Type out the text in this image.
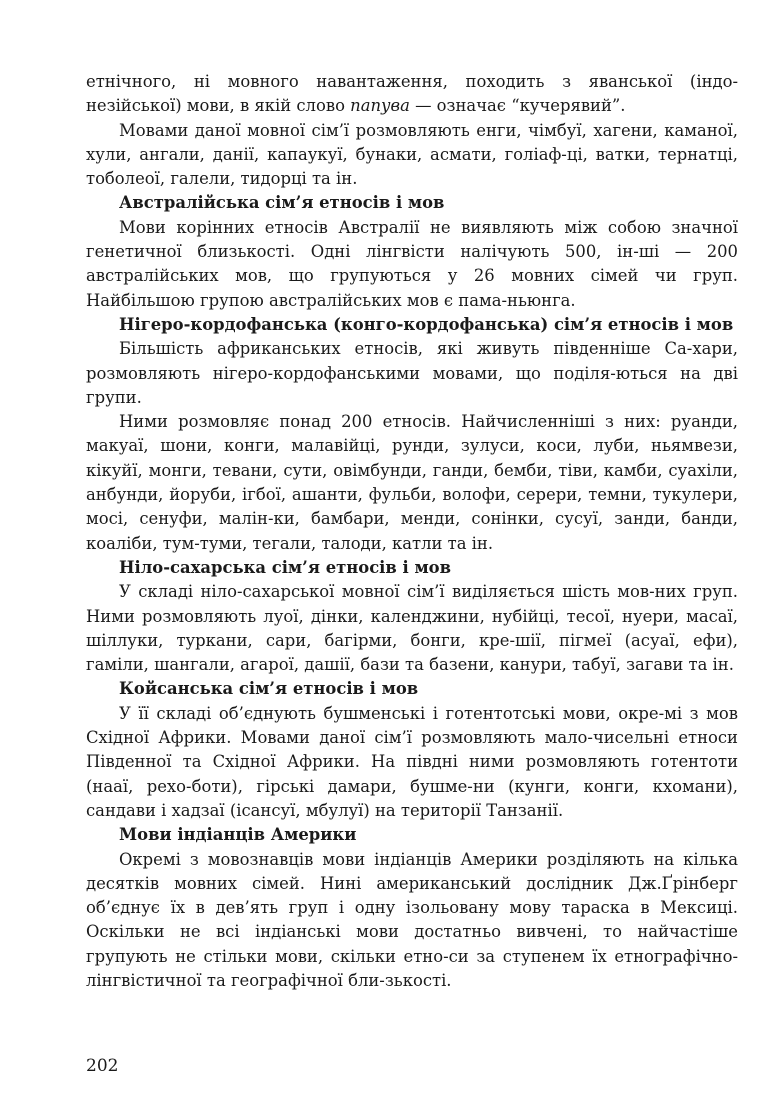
етнічного, ні мовного навантаження, походить з яванської (індо-незійської) мови, в якій слово папува — означає “кучерявий”.

Мовами даної мовної сім’ї розмовляють енги, чімбуї, хагени, каманої, хули, ангали, данії, капаукуї, бунаки, асмати, голіаф-ці, ватки, тернатці, тоболеої, галели, тидорці та ін.

Австралійська сім’я етносів і мов

Мови корінних етносів Австралії не виявляють між собою значної генетичної близькості. Одні лінгвісти налічують 500, ін-ші — 200 австралійських мов, що групуються у 26 мовних сімей чи груп. Найбільшою групою австралійських мов є пама-ньюнга.

Нігеро-кордофанська (конго-кордофанська) сім’я етносів і мов

Більшість африканських етносів, які живуть південніше Са-хари, розмовляють нігеро-кордофанськими мовами, що поділя-ються на дві групи.

Ними розмовляє понад 200 етносів. Найчисленніші з них: руанди, макуаї, шони, конги, малавійці, рунди, зулуси, коси, луби, ньямвези, кікуйї, монги, тевани, сути, овімбунди, ганди, бемби, тіви, камби, суахіли, анбунди, йоруби, ігбої, ашанти, фульби, волофи, серери, темни, тукулери, мосі, сенуфи, малін-ки, бамбари, менди, сонінки, сусуї, занди, банди, коаліби, тум-туми, тегали, талоди, катли та ін.

Ніло-сахарська сім’я етносів і мов

У складі ніло-сахарської мовної сім’ї виділяється шість мов-них груп. Ними розмовляють луої, дінки, календжини, нубійці, тесої, нуери, масаї, шіллуки, туркани, сари, багірми, бонги, кре-шії, пігмеї (асуаї, ефи), гаміли, шангали, агарої, дашії, бази та базени, канури, табуї, загави та ін.

Койсанська сім’я етносів і мов

У її складі об’єднують бушменські і готентотські мови, окре-мі з мов Східної Африки. Мовами даної сім’ї розмовляють мало-чисельні етноси Південної та Східної Африки. На півдні ними розмовляють готентоти (нааї, рехо-боти), гірські дамари, бушме-ни (кунги, конги, кхомани), сандави і хадзаї (ісансуї, мбулуї) на території Танзанії.

Мови індіанців Америки

Окремі з мовознавців мови індіанців Америки розділяють на кілька десятків мовних сімей. Нині американський дослідник Дж.Ґрінберг об’єднує їх в дев’ять груп і одну ізольовану мову тараска в Мексиці. Оскільки не всі індіанські мови достатньо вивчені, то найчастіше групують не стільки мови, скільки етно-си за ступенем їх етнографічно-лінгвістичної та географічної бли-зькості.

202
